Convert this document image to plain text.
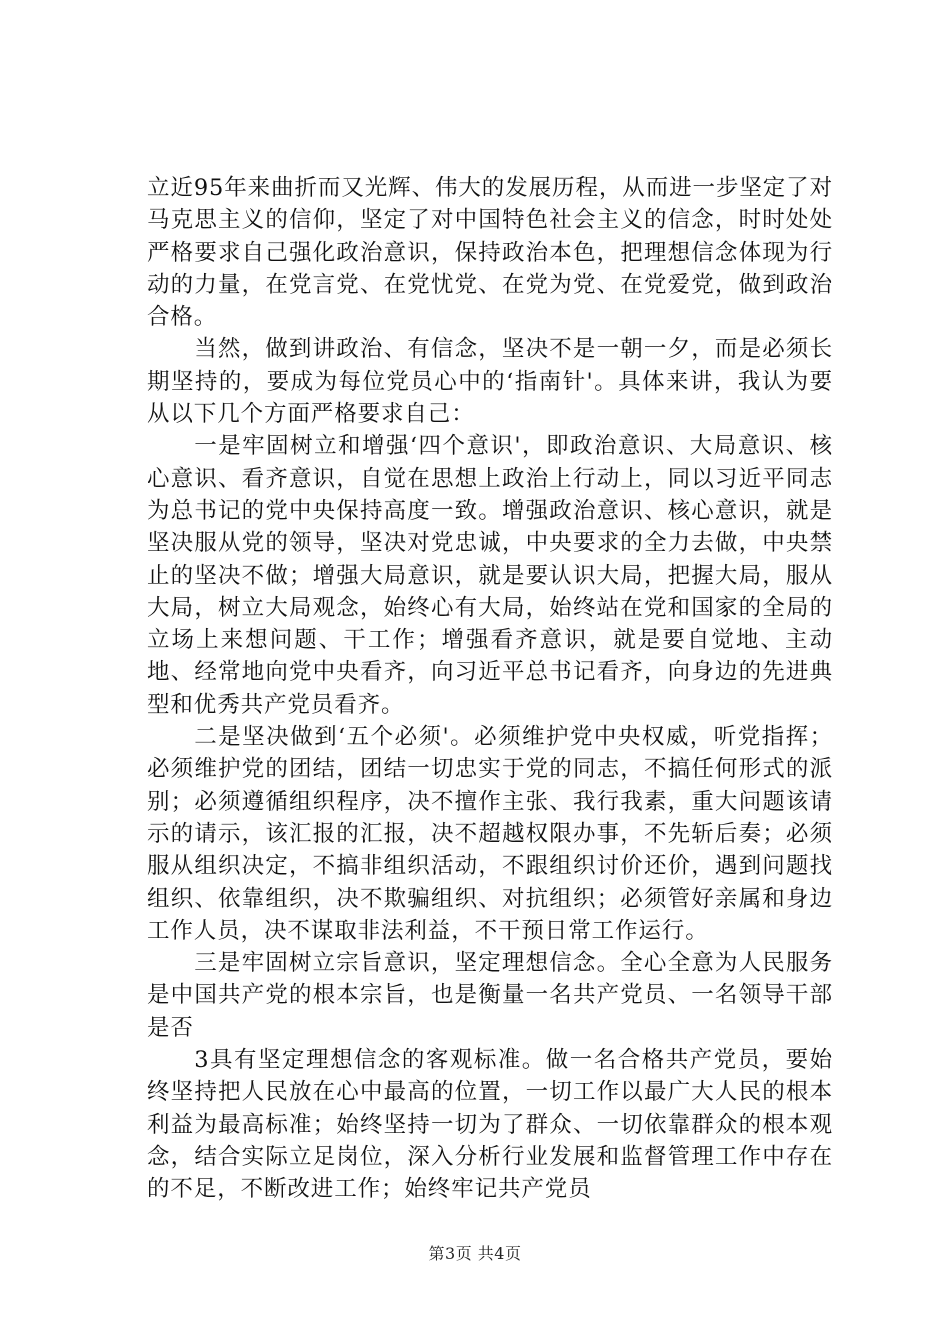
立近95年来曲折而又光辉、伟大的发展历程，从而进一步坚定了对马克思主义的信仰，坚定了对中国特色社会主义的信念，时时处处严格要求自己强化政治意识，保持政治本色，把理想信念体现为行动的力量，在党言党、在党忧党、在党为党、在党爱党，做到政治合格。

当然，做到讲政治、有信念，坚决不是一朝一夕，而是必须长期坚持的，要成为每位党员心中的‘指南针'。具体来讲，我认为要从以下几个方面严格要求自己：

一是牢固树立和增强‘四个意识'，即政治意识、大局意识、核心意识、看齐意识，自觉在思想上政治上行动上，同以习近平同志为总书记的党中央保持高度一致。增强政治意识、核心意识，就是坚决服从党的领导，坚决对党忠诚，中央要求的全力去做，中央禁止的坚决不做；增强大局意识，就是要认识大局，把握大局，服从大局，树立大局观念，始终心有大局，始终站在党和国家的全局的立场上来想问题、干工作；增强看齐意识，就是要自觉地、主动地、经常地向党中央看齐，向习近平总书记看齐，向身边的先进典型和优秀共产党员看齐。

二是坚决做到‘五个必须'。必须维护党中央权威，听党指挥；必须维护党的团结，团结一切忠实于党的同志，不搞任何形式的派别；必须遵循组织程序，决不擅作主张、我行我素，重大问题该请示的请示，该汇报的汇报，决不超越权限办事，不先斩后奏；必须服从组织决定，不搞非组织活动，不跟组织讨价还价，遇到问题找组织、依靠组织，决不欺骗组织、对抗组织；必须管好亲属和身边工作人员，决不谋取非法利益，不干预日常工作运行。

三是牢固树立宗旨意识，坚定理想信念。全心全意为人民服务是中国共产党的根本宗旨，也是衡量一名共产党员、一名领导干部是否

3具有坚定理想信念的客观标准。做一名合格共产党员，要始终坚持把人民放在心中最高的位置，一切工作以最广大人民的根本利益为最高标准；始终坚持一切为了群众、一切依靠群众的根本观念，结合实际立足岗位，深入分析行业发展和监督管理工作中存在的不足，不断改进工作；始终牢记共产党员

第3页 共4页
